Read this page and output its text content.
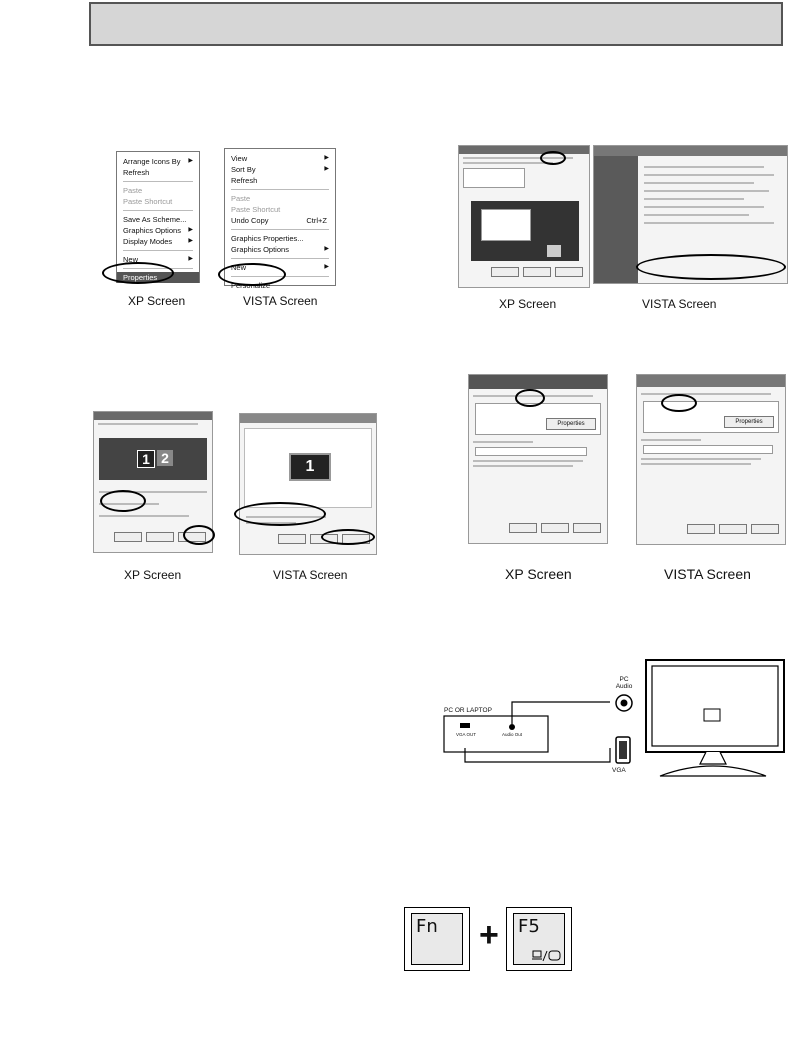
Arrange Icons By ▶
Refresh
Paste
Paste Shortcut
Save As Scheme...
Graphics Options ▶
Display Modes	▶
New	▶
Properties
View	▶
Sort By	▶
Refresh
Paste
Paste Shortcut
Undo Copy	Ctrl+Z
Graphics Properties...
Graphics Options	▶
New	▶
Personalize
XP Screen	VISTA Screen	XP Screen	VISTA Screen
1 2	1
XP Screen	VISTA Screen
Properties	Properties
XP Screen	VISTA Screen
PC OR LAPTOP
VGA OUT	Audio Out
PC Audio
VGA
Fn + F5
